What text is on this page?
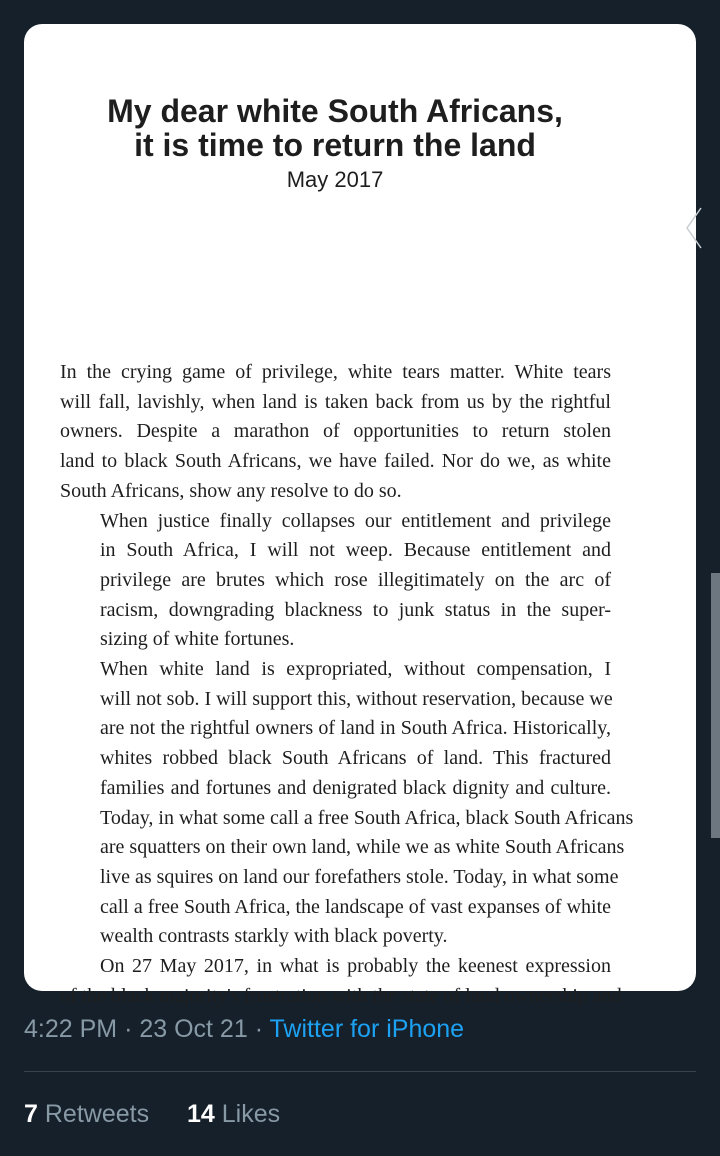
My dear white South Africans,
it is time to return the land
May 2017

In the crying game of privilege, white tears matter. White tears
will fall, lavishly, when land is taken back from us by the rightful
owners. Despite a marathon of opportunities to return stolen
land to black South Africans, we have failed. Nor do we, as white
South Africans, show any resolve to do so.

When justice finally collapses our entitlement and privilege
in South Africa, I will not weep. Because entitlement and
privilege are brutes which rose illegitimately on the arc of
racism, downgrading blackness to junk status in the super-
sizing of white fortunes.

When white land is expropriated, without compensation, I
will not sob. I will support this, without reservation, because we
are not the rightful owners of land in South Africa. Historically,
whites robbed black South Africans of land. This fractured
families and fortunes and denigrated black dignity and culture.
Today, in what some call a free South Africa, black South Africans
are squatters on their own land, while we as white South Africans
live as squires on land our forefathers stole. Today, in what some
call a free South Africa, the landscape of vast expanses of white
wealth contrasts starkly with black poverty.

On 27 May 2017, in what is probably the keenest expression

of the black majority's frustration with the state of land ownership and
4:22 PM · 23 Oct 21 · Twitter for iPhone
7 Retweets 14 Likes
